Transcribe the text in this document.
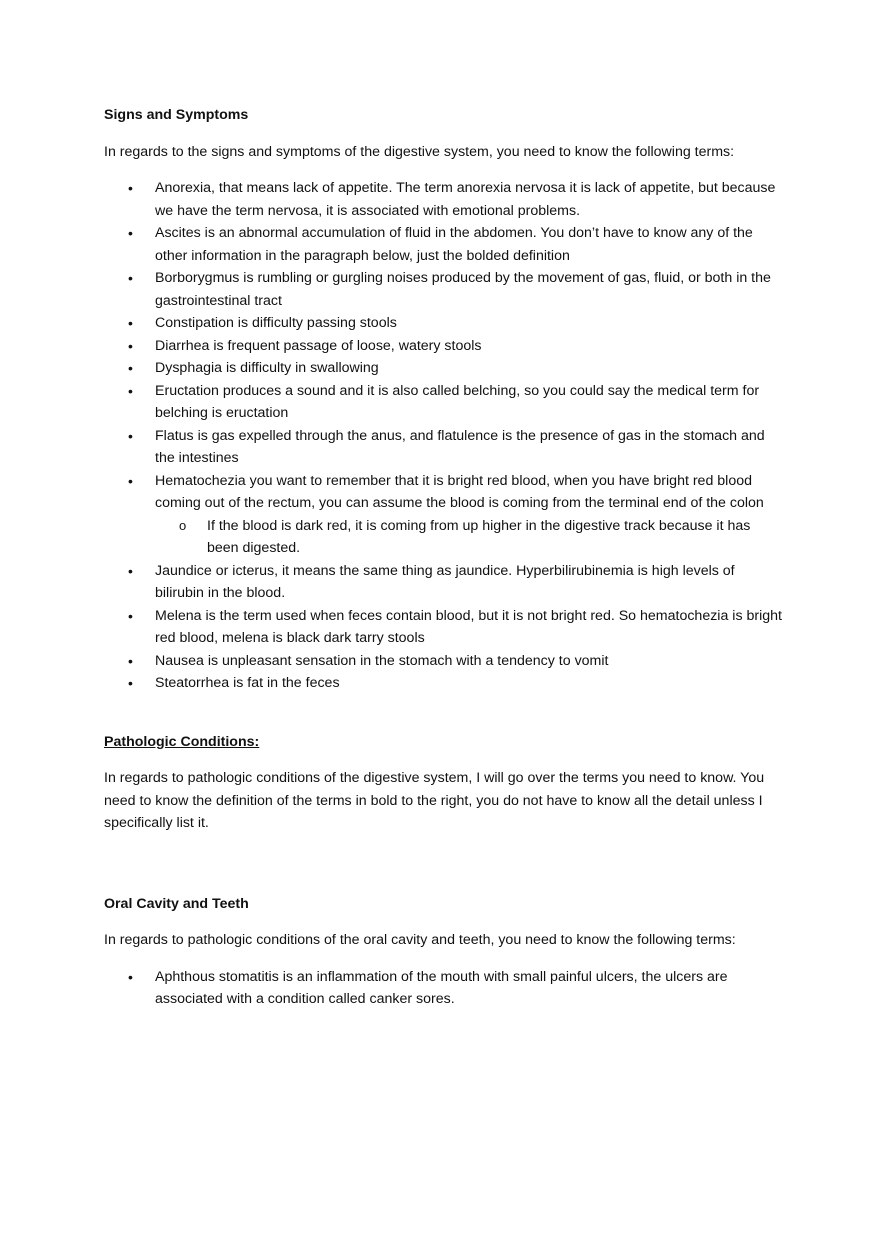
Signs and Symptoms

In regards to the signs and symptoms of the digestive system, you need to know the following terms:

• Anorexia, that means lack of appetite. The term anorexia nervosa it is lack of appetite, but because we have the term nervosa, it is associated with emotional problems.
• Ascites is an abnormal accumulation of fluid in the abdomen. You don’t have to know any of the other information in the paragraph below, just the bolded definition
• Borborygmus is rumbling or gurgling noises produced by the movement of gas, fluid, or both in the gastrointestinal tract
• Constipation is difficulty passing stools
• Diarrhea is frequent passage of loose, watery stools
• Dysphagia is difficulty in swallowing
• Eructation produces a sound and it is also called belching, so you could say the medical term for belching is eructation
• Flatus is gas expelled through the anus, and flatulence is the presence of gas in the stomach and the intestines
• Hematochezia you want to remember that it is bright red blood, when you have bright red blood coming out of the rectum, you can assume the blood is coming from the terminal end of the colon
o If the blood is dark red, it is coming from up higher in the digestive track because it has been digested.
• Jaundice or icterus, it means the same thing as jaundice. Hyperbilirubinemia is high levels of bilirubin in the blood.
• Melena is the term used when feces contain blood, but it is not bright red. So hematochezia is bright red blood, melena is black dark tarry stools
• Nausea is unpleasant sensation in the stomach with a tendency to vomit
• Steatorrhea is fat in the feces

Pathologic Conditions:

In regards to pathologic conditions of the digestive system, I will go over the terms you need to know. You need to know the definition of the terms in bold to the right, you do not have to know all the detail unless I specifically list it.

Oral Cavity and Teeth

In regards to pathologic conditions of the oral cavity and teeth, you need to know the following terms:

• Aphthous stomatitis is an inflammation of the mouth with small painful ulcers, the ulcers are associated with a condition called canker sores.
